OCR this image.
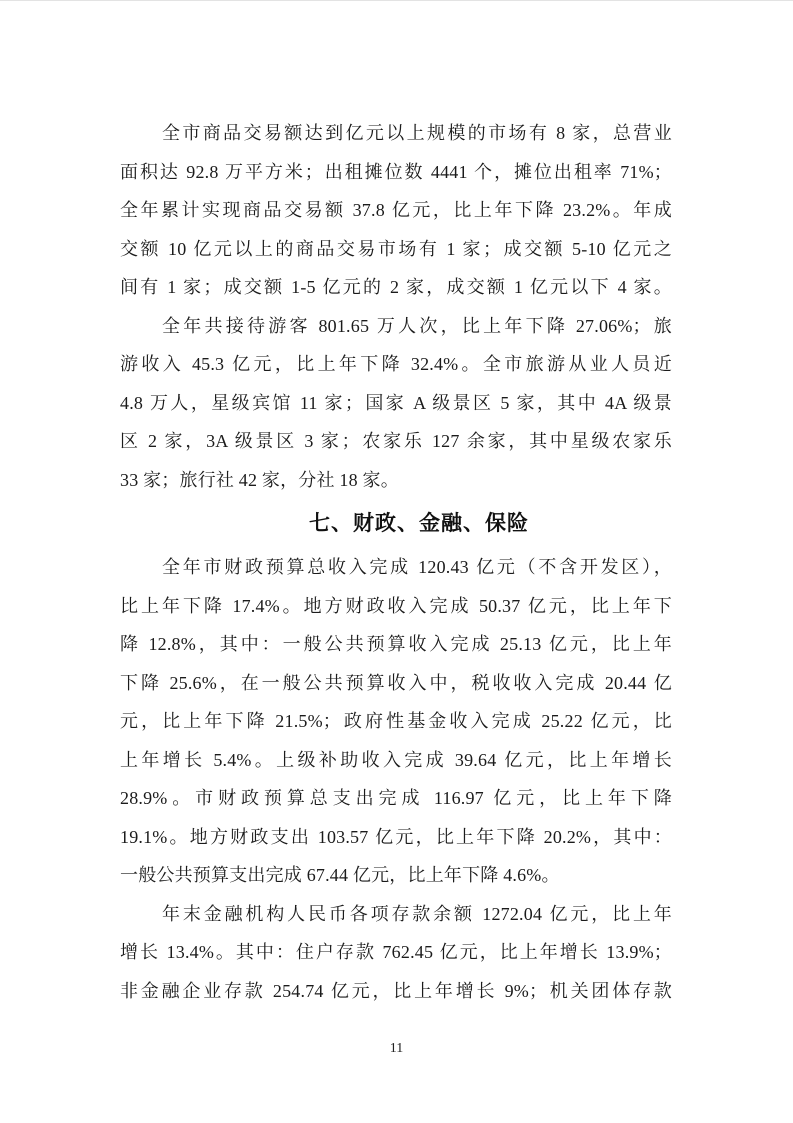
全市商品交易额达到亿元以上规模的市场有 8 家，总营业
面积达 92.8 万平方米；出租摊位数 4441 个，摊位出租率 71%；
全年累计实现商品交易额 37.8 亿元，比上年下降 23.2%。年成
交额 10 亿元以上的商品交易市场有 1 家；成交额 5-10 亿元之
间有 1 家；成交额 1-5 亿元的 2 家，成交额 1 亿元以下 4 家。
全年共接待游客 801.65 万人次，比上年下降 27.06%；旅
游收入 45.3 亿元，比上年下降 32.4%。全市旅游从业人员近
4.8 万人，星级宾馆 11 家；国家 A 级景区 5 家，其中 4A 级景
区 2 家，3A 级景区 3 家；农家乐 127 余家，其中星级农家乐
33 家；旅行社 42 家，分社 18 家。
七、财政、金融、保险
全年市财政预算总收入完成 120.43 亿元（不含开发区），
比上年下降 17.4%。地方财政收入完成 50.37 亿元，比上年下
降 12.8%，其中：一般公共预算收入完成 25.13 亿元，比上年
下降 25.6%，在一般公共预算收入中，税收收入完成 20.44 亿
元，比上年下降 21.5%；政府性基金收入完成 25.22 亿元，比
上年增长 5.4%。上级补助收入完成 39.64 亿元，比上年增长
28.9%。市财政预算总支出完成 116.97 亿元，比上年下降
19.1%。地方财政支出 103.57 亿元，比上年下降 20.2%，其中：
一般公共预算支出完成 67.44 亿元，比上年下降 4.6%。
年末金融机构人民币各项存款余额 1272.04 亿元，比上年
增长 13.4%。其中：住户存款 762.45 亿元，比上年增长 13.9%；
非金融企业存款 254.74 亿元，比上年增长 9%；机关团体存款
11
